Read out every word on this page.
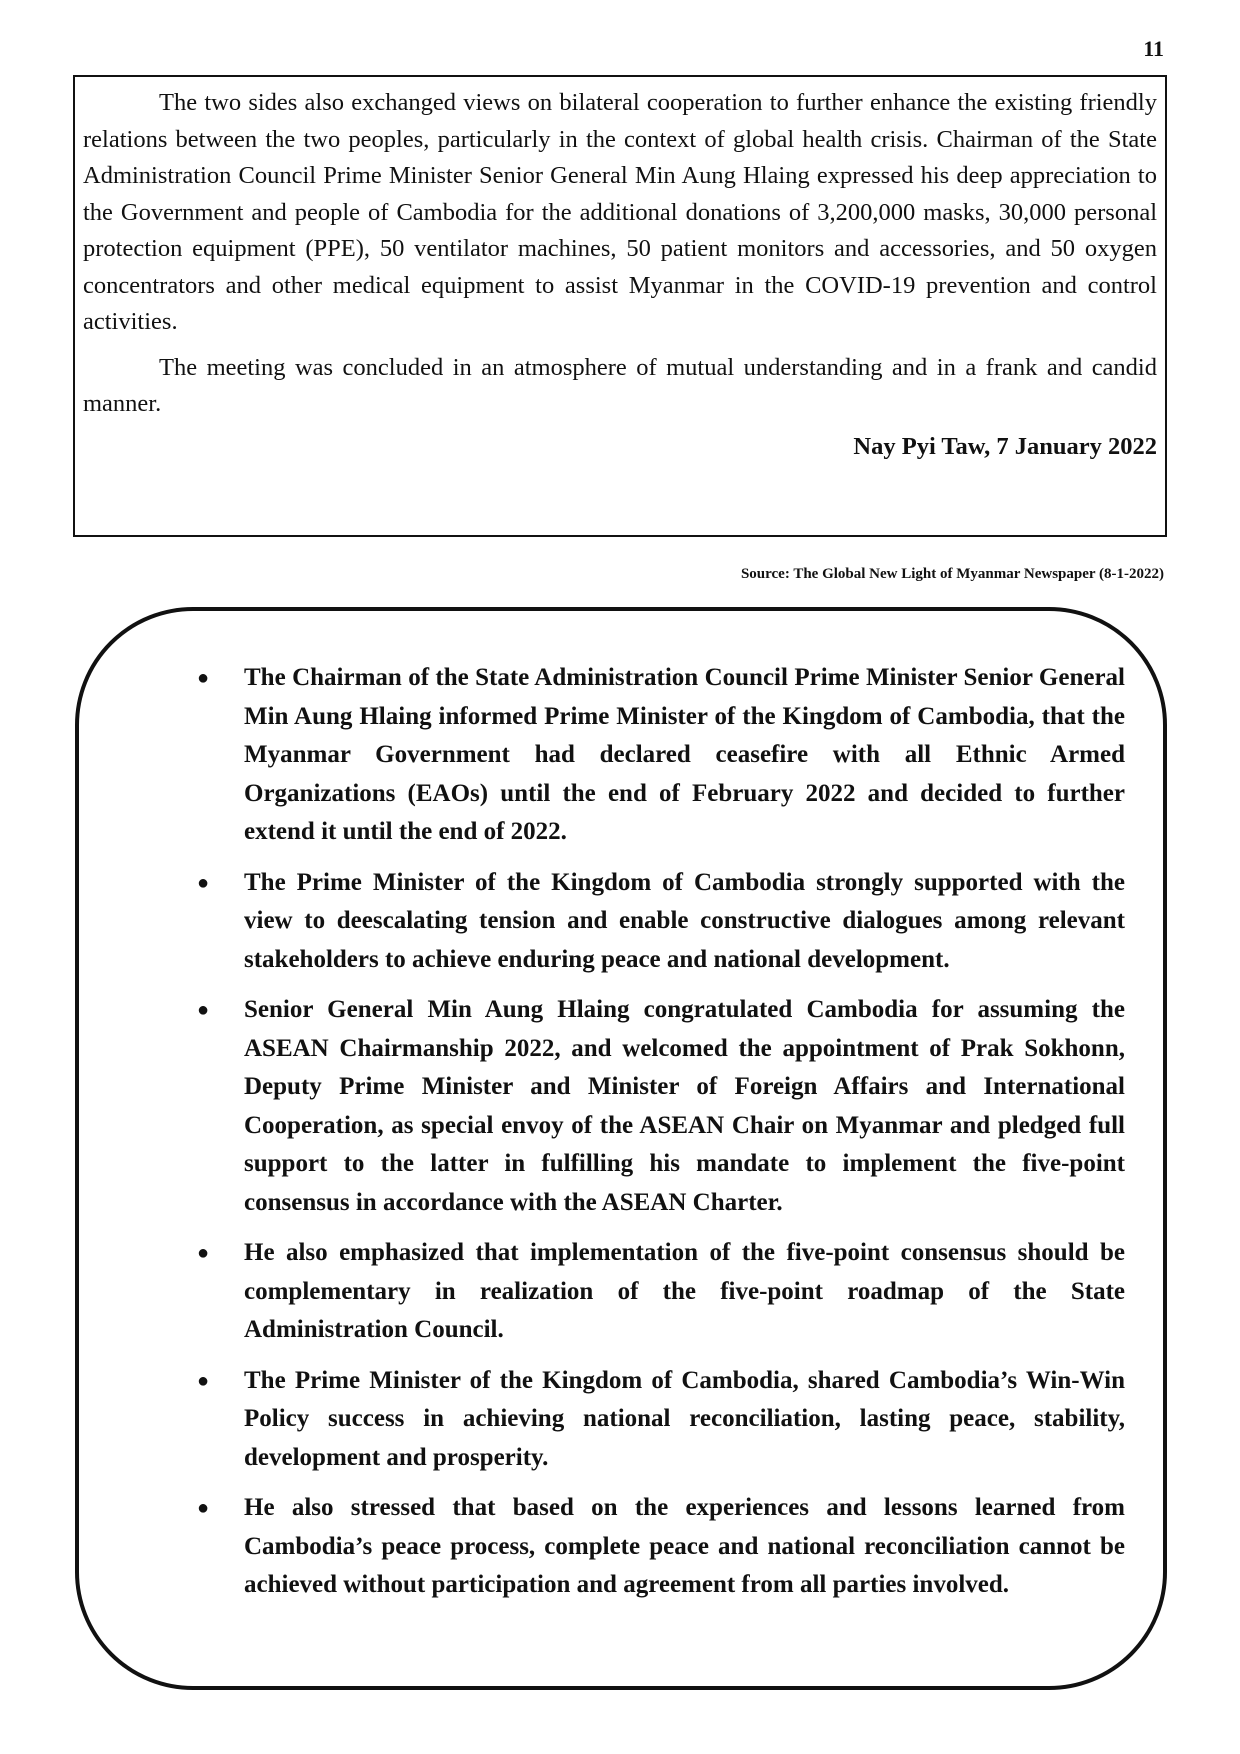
11

The two sides also exchanged views on bilateral cooperation to further enhance the existing friendly relations between the two peoples, particularly in the context of global health crisis. Chairman of the State Administration Council Prime Minister Senior General Min Aung Hlaing expressed his deep appreciation to the Government and people of Cambodia for the additional donations of 3,200,000 masks, 30,000 personal protection equipment (PPE), 50 ventilator machines, 50 patient monitors and accessories, and 50 oxygen concentrators and other medical equipment to assist Myanmar in the COVID-19 prevention and control activities.

The meeting was concluded in an atmosphere of mutual understanding and in a frank and candid manner.

Nay Pyi Taw, 7 January 2022
Source: The Global New Light of Myanmar Newspaper (8-1-2022)
● The Chairman of the State Administration Council Prime Minister Senior General Min Aung Hlaing informed Prime Minister of the Kingdom of Cambodia, that the Myanmar Government had declared ceasefire with all Ethnic Armed Organizations (EAOs) until the end of February 2022 and decided to further extend it until the end of 2022.
● The Prime Minister of the Kingdom of Cambodia strongly supported with the view to deescalating tension and enable constructive dialogues among relevant stakeholders to achieve enduring peace and national development.
● Senior General Min Aung Hlaing congratulated Cambodia for assuming the ASEAN Chairmanship 2022, and welcomed the appointment of Prak Sokhonn, Deputy Prime Minister and Minister of Foreign Affairs and International Cooperation, as special envoy of the ASEAN Chair on Myanmar and pledged full support to the latter in fulfilling his mandate to implement the five-point consensus in accordance with the ASEAN Charter.
● He also emphasized that implementation of the five-point consensus should be complementary in realization of the five-point roadmap of the State Administration Council.
● The Prime Minister of the Kingdom of Cambodia, shared Cambodia’s Win-Win Policy success in achieving national reconciliation, lasting peace, stability, development and prosperity.
● He also stressed that based on the experiences and lessons learned from Cambodia’s peace process, complete peace and national reconciliation cannot be achieved without participation and agreement from all parties involved.
